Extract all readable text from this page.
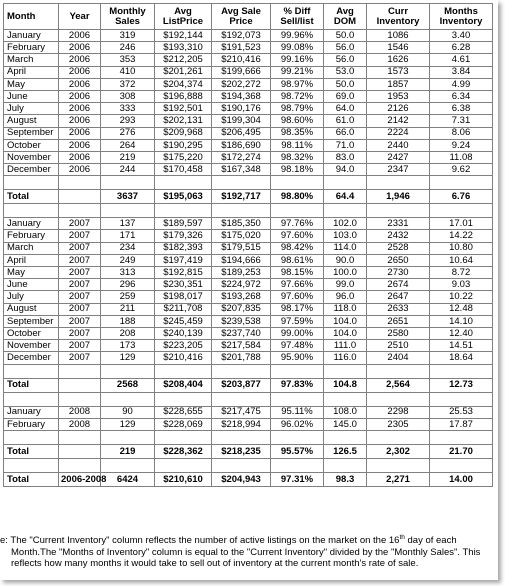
Month	Year	Monthly Sales	Avg ListPrice	Avg Sale Price	% Diff Sell/list	Avg DOM	Curr Inventory	Months Inventory
January	2006	319	$192,144	$192,073	99.96%	50.0	1086	3.40
February	2006	246	$193,310	$191,523	99.08%	56.0	1546	6.28
March	2006	353	$212,205	$210,416	99.16%	56.0	1626	4.61
April	2006	410	$201,261	$199,666	99.21%	53.0	1573	3.84
May	2006	372	$204,374	$202,272	98.97%	50.0	1857	4.99
June	2006	308	$196,888	$194,368	98.72%	69.0	1953	6.34
July	2006	333	$192,501	$190,176	98.79%	64.0	2126	6.38
August	2006	293	$202,131	$199,304	98.60%	61.0	2142	7.31
September	2006	276	$209,968	$206,495	98.35%	66.0	2224	8.06
October	2006	264	$190,295	$186,690	98.11%	71.0	2440	9.24
November	2006	219	$175,220	$172,274	98.32%	83.0	2427	11.08
December	2006	244	$170,458	$167,348	98.18%	94.0	2347	9.62

Total		3637	$195,063	$192,717	98.80%	64.4	1,946	6.76

January	2007	137	$189,597	$185,350	97.76%	102.0	2331	17.01
February	2007	171	$179,326	$175,020	97.60%	103.0	2432	14.22
March	2007	234	$182,393	$179,515	98.42%	114.0	2528	10.80
April	2007	249	$197,419	$194,666	98.61%	90.0	2650	10.64
May	2007	313	$192,815	$189,253	98.15%	100.0	2730	8.72
June	2007	296	$230,351	$224,972	97.66%	99.0	2674	9.03
July	2007	259	$198,017	$193,268	97.60%	96.0	2647	10.22
August	2007	211	$211,708	$207,835	98.17%	118.0	2633	12.48
September	2007	188	$245,459	$239,538	97.59%	104.0	2651	14.10
October	2007	208	$240,139	$237,740	99.00%	104.0	2580	12.40
November	2007	173	$223,205	$217,584	97.48%	111.0	2510	14.51
December	2007	129	$210,416	$201,788	95.90%	116.0	2404	18.64

Total		2568	$208,404	$203,877	97.83%	104.8	2,564	12.73

January	2008	90	$228,655	$217,475	95.11%	108.0	2298	25.53
February	2008	129	$228,069	$218,994	96.02%	145.0	2305	17.87

Total		219	$228,362	$218,235	95.57%	126.5	2,302	21.70

Total	2006-2008	6424	$210,610	$204,943	97.31%	98.3	2,271	14.00
e: The "Current Inventory" column reflects the number of active listings on the market on the 16th day of each
Month.The "Months of Inventory" column is equal to the "Current Inventory" divided by the "Monthly Sales". This
reflects how many months it would take to sell out of inventory at the current month's rate of sale.
